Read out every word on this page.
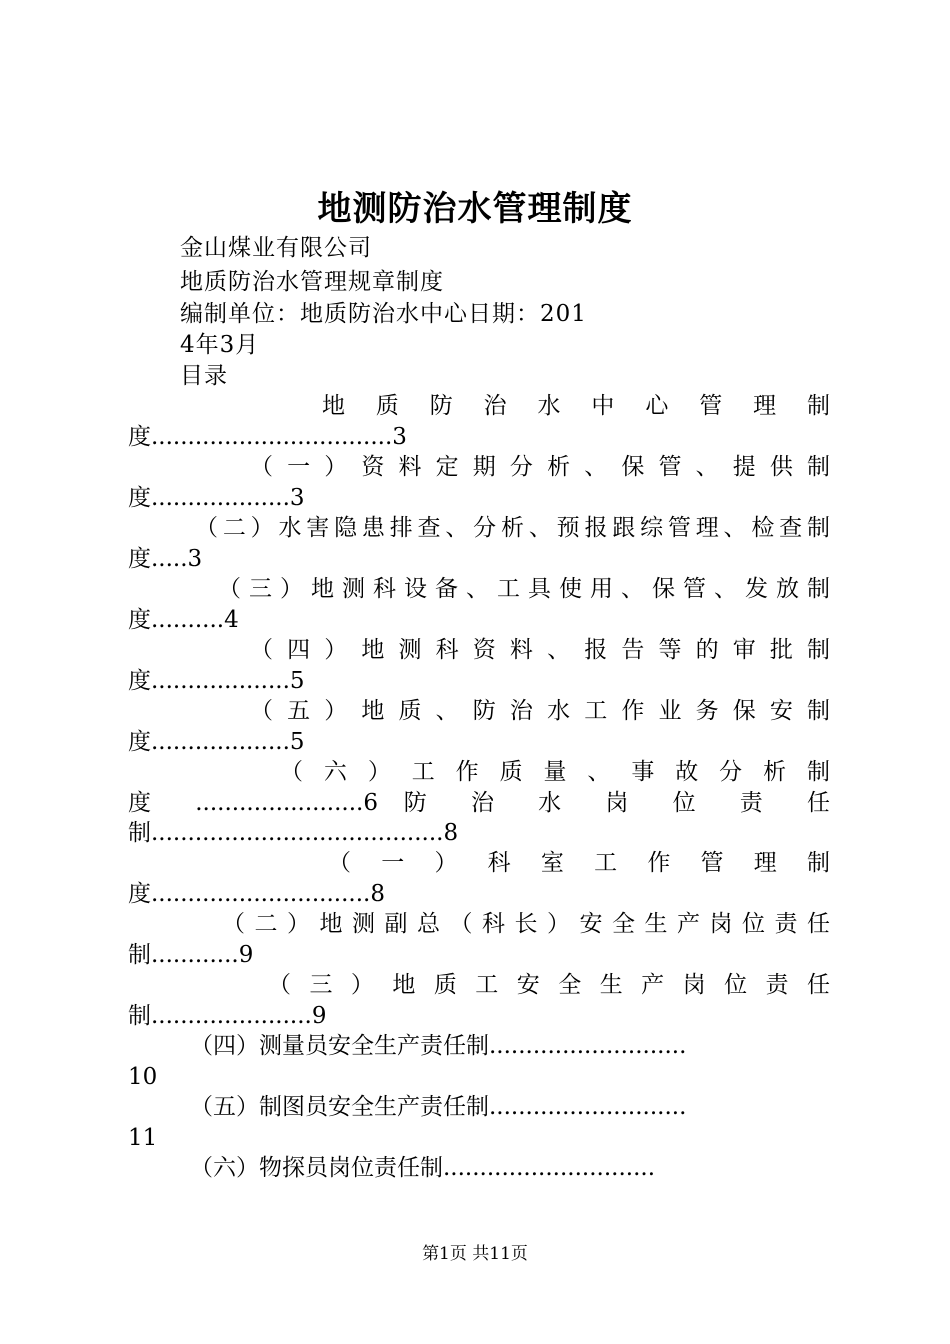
地测防治水管理制度
金山煤业有限公司
地质防治水管理规章制度
编制单位：地质防治水中心日期：201
4年3月
目录
地 质 防 治 水 中 心 管 理 制
度.................................3
（一）资料定期分析、保管、提供制
度...................3
（二）水害隐患排查、分析、预报跟综管理、检查制
度.....3
（三）地测科设备、工具使用、保管、发放制
度..........4
（四）地测科资料、报告等的审批制
度...................5
（五）地质、防治水工作业务保安制
度...................5
（六）工作质量、事故分析制
度 .......................6 防 治 水 岗 位 责 任
制........................................8
（一）科室工作管理制
度..............................8
（二）地测副总（科长）安全生产岗位责任
制............9
（三）地质工安全生产岗位责任
制......................9
（四）测量员安全生产责任制...........................
10
（五）制图员安全生产责任制...........................
11
（六）物探员岗位责任制.............................
第1页 共11页
